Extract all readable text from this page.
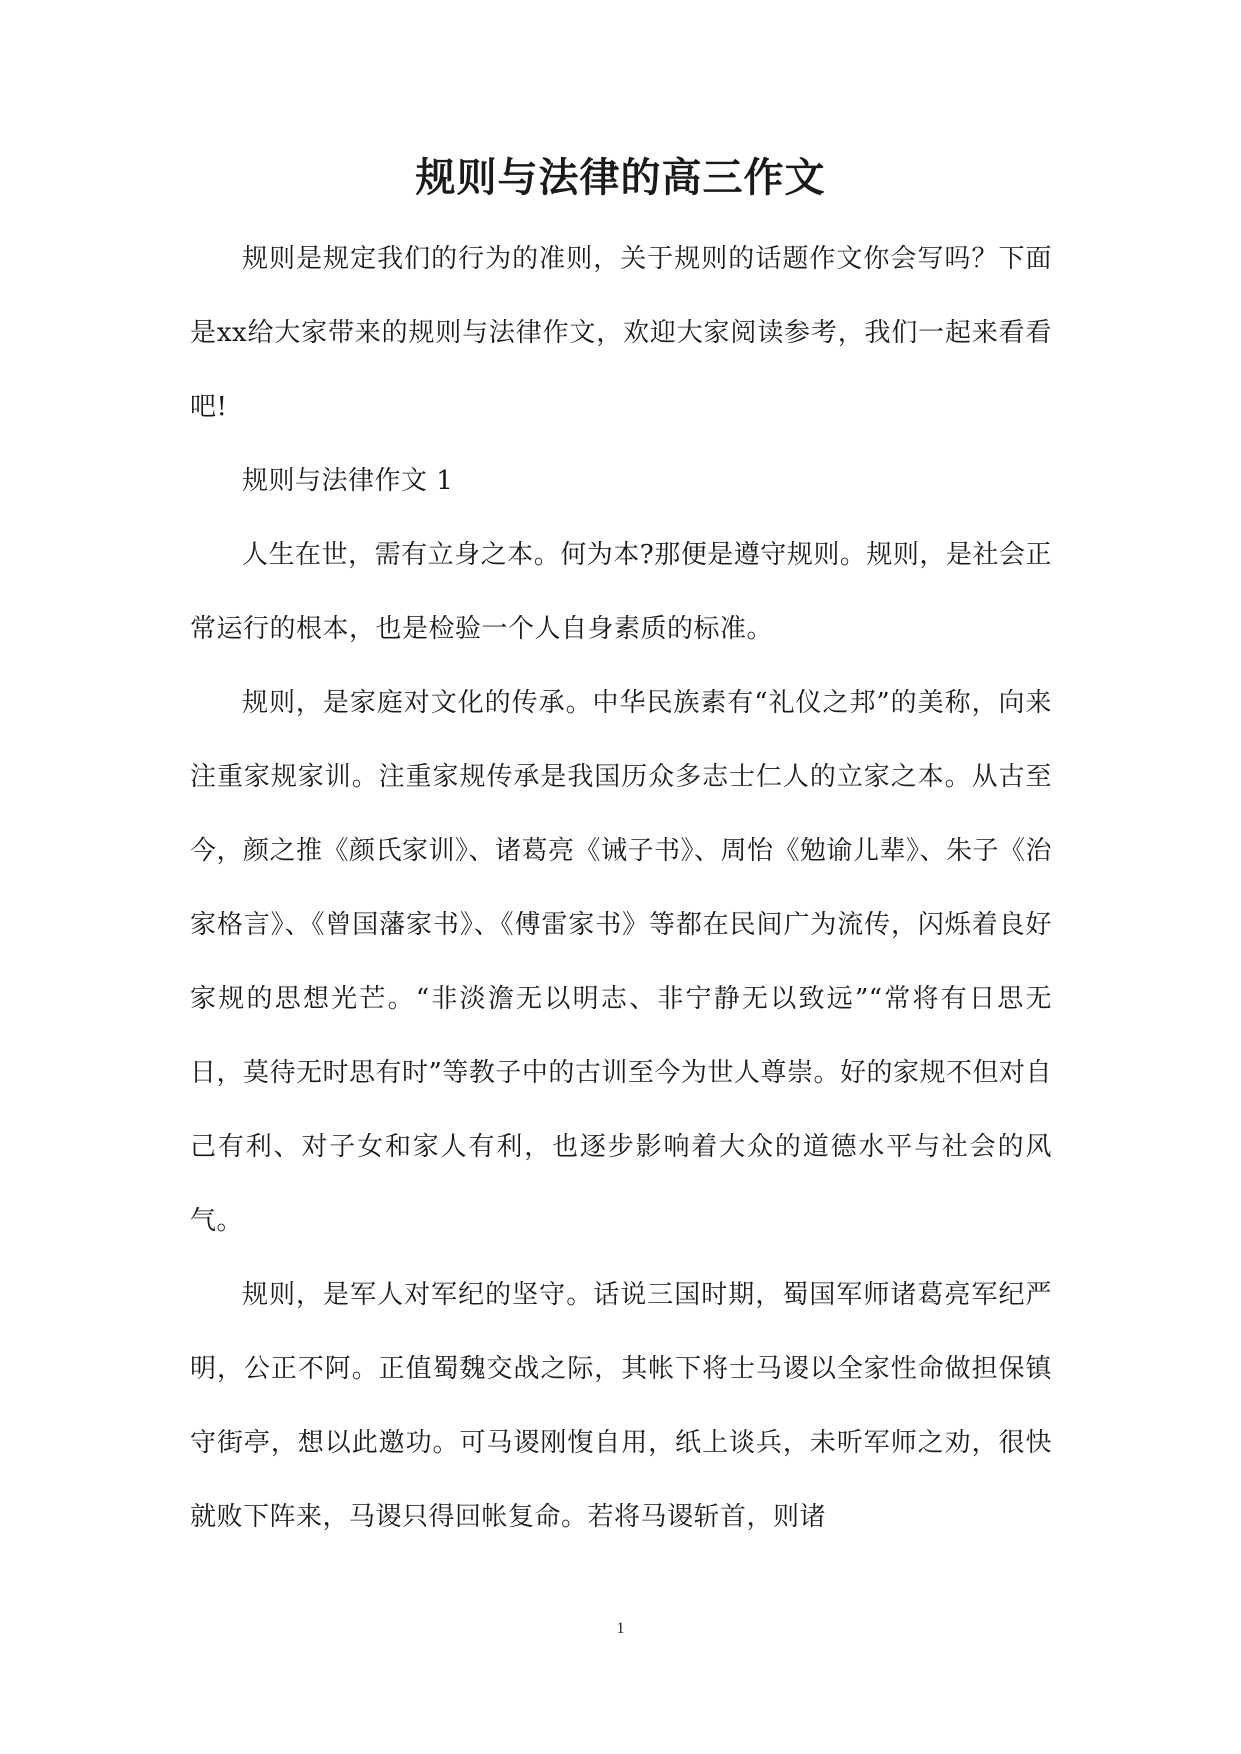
规则与法律的高三作文

规则是规定我们的行为的准则，关于规则的话题作文你会写吗？下面是xx给大家带来的规则与法律作文，欢迎大家阅读参考，我们一起来看看吧!

规则与法律作文 1

人生在世，需有立身之本。何为本?那便是遵守规则。规则，是社会正常运行的根本，也是检验一个人自身素质的标准。

规则，是家庭对文化的传承。中华民族素有“礼仪之邦”的美称，向来注重家规家训。注重家规传承是我国历众多志士仁人的立家之本。从古至今，颜之推《颜氏家训》、诸葛亮《诫子书》、周怡《勉谕儿辈》、朱子《治家格言》、《曾国藩家书》、《傅雷家书》等都在民间广为流传，闪烁着良好家规的思想光芒。“非淡澹无以明志、非宁静无以致远”“常将有日思无日，莫待无时思有时”等教子中的古训至今为世人尊崇。好的家规不但对自己有利、对子女和家人有利，也逐步影响着大众的道德水平与社会的风气。

规则，是军人对军纪的坚守。话说三国时期，蜀国军师诸葛亮军纪严明，公正不阿。正值蜀魏交战之际，其帐下将士马谡以全家性命做担保镇守街亭，想以此邀功。可马谡刚愎自用，纸上谈兵，未听军师之劝，很快就败下阵来，马谡只得回帐复命。若将马谡斩首，则诸

1
